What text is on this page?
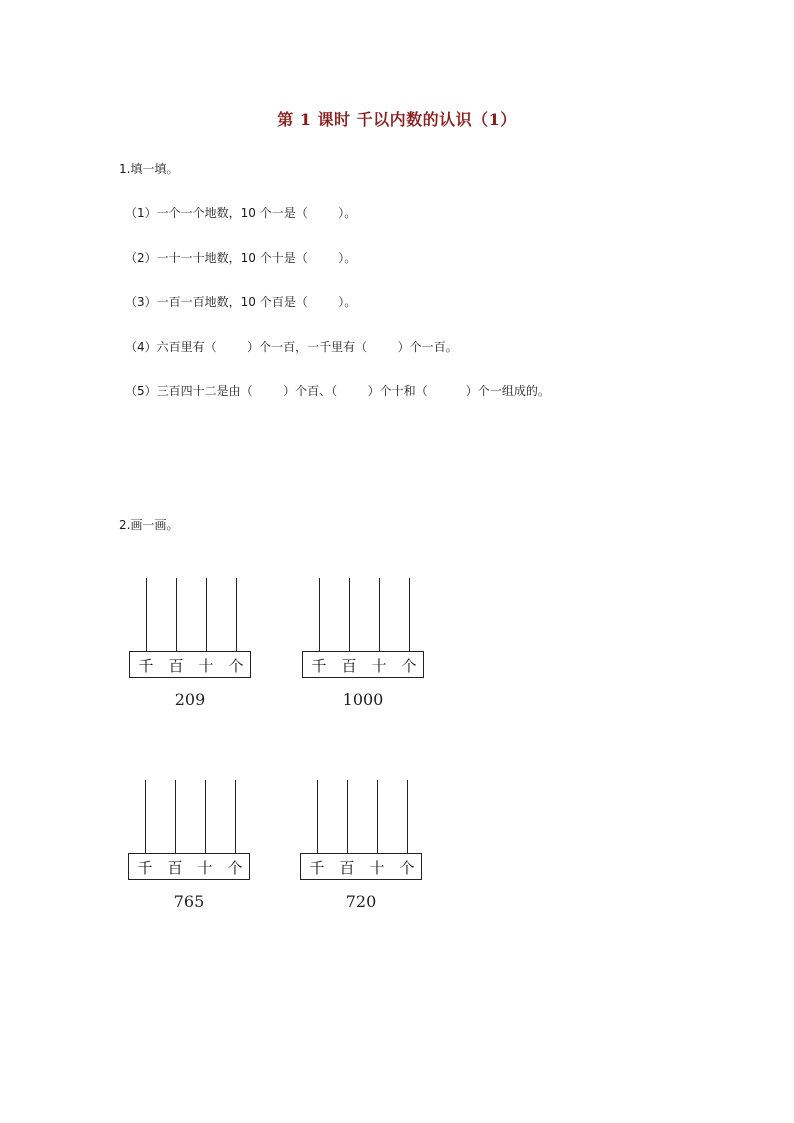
第 1 课时 千以内数的认识（1）
1.填一填。
（1）一个一个地数，10 个一是（        ）。
（2）一十一十地数，10 个十是（        ）。
（3）一百一百地数，10 个百是（        ）。
（4）六百里有（        ）个一百，一千里有（        ）个一百。
（5）三百四十二是由（        ）个百、（        ）个十和（          ）个一组成的。
2.画一画。
千 百 十 个
209
千 百 十 个
1000
千 百 十 个
765
千 百 十 个
720
